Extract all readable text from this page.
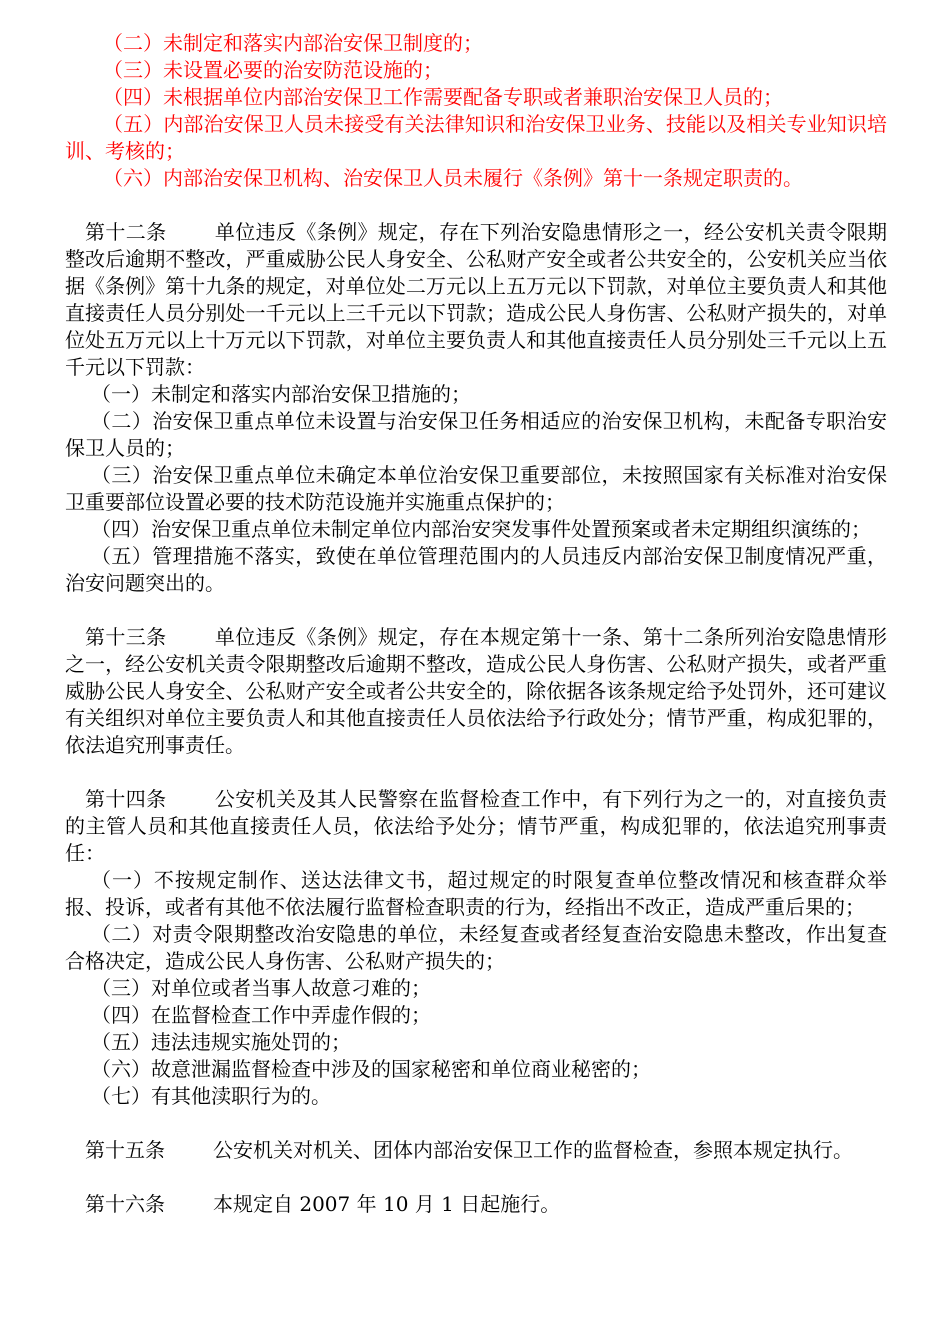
（二）未制定和落实内部治安保卫制度的；

（三）未设置必要的治安防范设施的；

（四）未根据单位内部治安保卫工作需要配备专职或者兼职治安保卫人员的；

（五）内部治安保卫人员未接受有关法律知识和治安保卫业务、技能以及相关专业知识培训、考核的；

（六）内部治安保卫机构、治安保卫人员未履行《条例》第十一条规定职责的。

第十二条 单位违反《条例》规定，存在下列治安隐患情形之一，经公安机关责令限期整改后逾期不整改，严重威胁公民人身安全、公私财产安全或者公共安全的，公安机关应当依据《条例》第十九条的规定，对单位处二万元以上五万元以下罚款，对单位主要负责人和其他直接责任人员分别处一千元以上三千元以下罚款；造成公民人身伤害、公私财产损失的，对单位处五万元以上十万元以下罚款，对单位主要负责人和其他直接责任人员分别处三千元以上五千元以下罚款：

（一）未制定和落实内部治安保卫措施的；

（二）治安保卫重点单位未设置与治安保卫任务相适应的治安保卫机构，未配备专职治安保卫人员的；

（三）治安保卫重点单位未确定本单位治安保卫重要部位，未按照国家有关标准对治安保卫重要部位设置必要的技术防范设施并实施重点保护的；

（四）治安保卫重点单位未制定单位内部治安突发事件处置预案或者未定期组织演练的；

（五）管理措施不落实，致使在单位管理范围内的人员违反内部治安保卫制度情况严重，治安问题突出的。

第十三条 单位违反《条例》规定，存在本规定第十一条、第十二条所列治安隐患情形之一，经公安机关责令限期整改后逾期不整改，造成公民人身伤害、公私财产损失，或者严重威胁公民人身安全、公私财产安全或者公共安全的，除依据各该条规定给予处罚外，还可建议有关组织对单位主要负责人和其他直接责任人员依法给予行政处分；情节严重，构成犯罪的，依法追究刑事责任。

第十四条 公安机关及其人民警察在监督检查工作中，有下列行为之一的，对直接负责的主管人员和其他直接责任人员，依法给予处分；情节严重，构成犯罪的，依法追究刑事责任：

（一）不按规定制作、送达法律文书，超过规定的时限复查单位整改情况和核查群众举报、投诉，或者有其他不依法履行监督检查职责的行为，经指出不改正，造成严重后果的；

（二）对责令限期整改治安隐患的单位，未经复查或者经复查治安隐患未整改，作出复查合格决定，造成公民人身伤害、公私财产损失的；

（三）对单位或者当事人故意刁难的；

（四）在监督检查工作中弄虚作假的；

（五）违法违规实施处罚的；

（六）故意泄漏监督检查中涉及的国家秘密和单位商业秘密的；

（七）有其他渎职行为的。

第十五条 公安机关对机关、团体内部治安保卫工作的监督检查，参照本规定执行。

第十六条 本规定自 2007 年 10 月 1 日起施行。
